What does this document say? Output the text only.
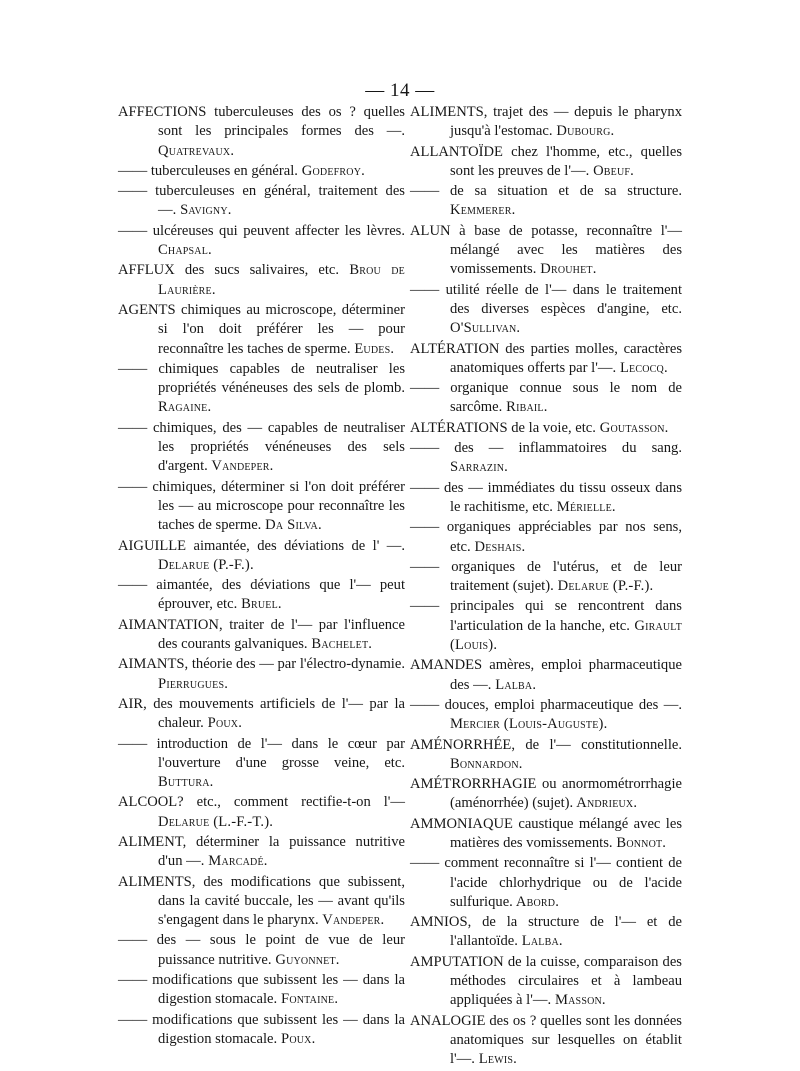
— 14 —
AFFECTIONS tuberculeuses des os ? quelles sont les principales formes des —. Quatrevaux.
—— tuberculeuses en général. Godefroy.
—— tuberculeuses en général, traitement des —. Savigny.
—— ulcéreuses qui peuvent affecter les lèvres. Chapsal.
AFFLUX des sucs salivaires, etc. Brou de Laurière.
AGENTS chimiques au microscope, déterminer si l'on doit préférer les — pour reconnaître les taches de sperme. Eudes.
—— chimiques capables de neutraliser les propriétés vénéneuses des sels de plomb. Ragaine.
—— chimiques, des — capables de neutraliser les propriétés vénéneuses des sels d'argent. Vandeper.
—— chimiques, déterminer si l'on doit préférer les — au microscope pour reconnaître les taches de sperme. Da Silva.
AIGUILLE aimantée, des déviations de l' —. Delarue (P.-F.).
—— aimantée, des déviations que l'— peut éprouver, etc. Bruel.
AIMANTATION, traiter de l'— par l'influence des courants galvaniques. Bachelet.
AIMANTS, théorie des — par l'électro-dynamie. Pierrugues.
AIR, des mouvements artificiels de l'— par la chaleur. Poux.
—— introduction de l'— dans le cœur par l'ouverture d'une grosse veine, etc. Buttura.
ALCOOL? etc., comment rectifie-t-on l'— Delarue (L.-F.-T.).
ALIMENT, déterminer la puissance nutritive d'un —. Marcadé.
ALIMENTS, des modifications que subissent, dans la cavité buccale, les — avant qu'ils s'engagent dans le pharynx. Vandeper.
—— des — sous le point de vue de leur puissance nutritive. Guyonnet.
—— modifications que subissent les — dans la digestion stomacale. Fontaine.
—— modifications que subissent les — dans la digestion stomacale. Poux.
ALIMENTS, trajet des — depuis le pharynx jusqu'à l'estomac. Dubourg.
ALLANTOÏDE chez l'homme, etc., quelles sont les preuves de l'—. Obeuf.
—— de sa situation et de sa structure. Kemmerer.
ALUN à base de potasse, reconnaître l'— mélangé avec les matières des vomissements. Drouhet.
—— utilité réelle de l'— dans le traitement des diverses espèces d'angine, etc. O'Sullivan.
ALTÉRATION des parties molles, caractères anatomiques offerts par l'—. Lecocq.
—— organique connue sous le nom de sarcôme. Ribail.
ALTÉRATIONS de la voie, etc. Goutasson.
—— des — inflammatoires du sang. Sarrazin.
—— des — immédiates du tissu osseux dans le rachitisme, etc. Mérielle.
—— organiques appréciables par nos sens, etc. Deshais.
—— organiques de l'utérus, et de leur traitement (sujet). Delarue (P.-F.).
—— principales qui se rencontrent dans l'articulation de la hanche, etc. Girault (Louis).
AMANDES amères, emploi pharmaceutique des —. Lalba.
—— douces, emploi pharmaceutique des —. Mercier (Louis-Auguste).
AMÉNORRHÉE, de l'— constitutionnelle. Bonnardon.
AMÉTRORRHAGIE ou anormométrorrhagie (aménorrhée) (sujet). Andrieux.
AMMONIAQUE caustique mélangé avec les matières des vomissements. Bonnot.
—— comment reconnaître si l'— contient de l'acide chlorhydrique ou de l'acide sulfurique. Abord.
AMNIOS, de la structure de l'— et de l'allantoïde. Lalba.
AMPUTATION de la cuisse, comparaison des méthodes circulaires et à lambeau appliquées à l'—. Masson.
ANALOGIE des os ? quelles sont les données anatomiques sur lesquelles on établit l'—. Lewis.
